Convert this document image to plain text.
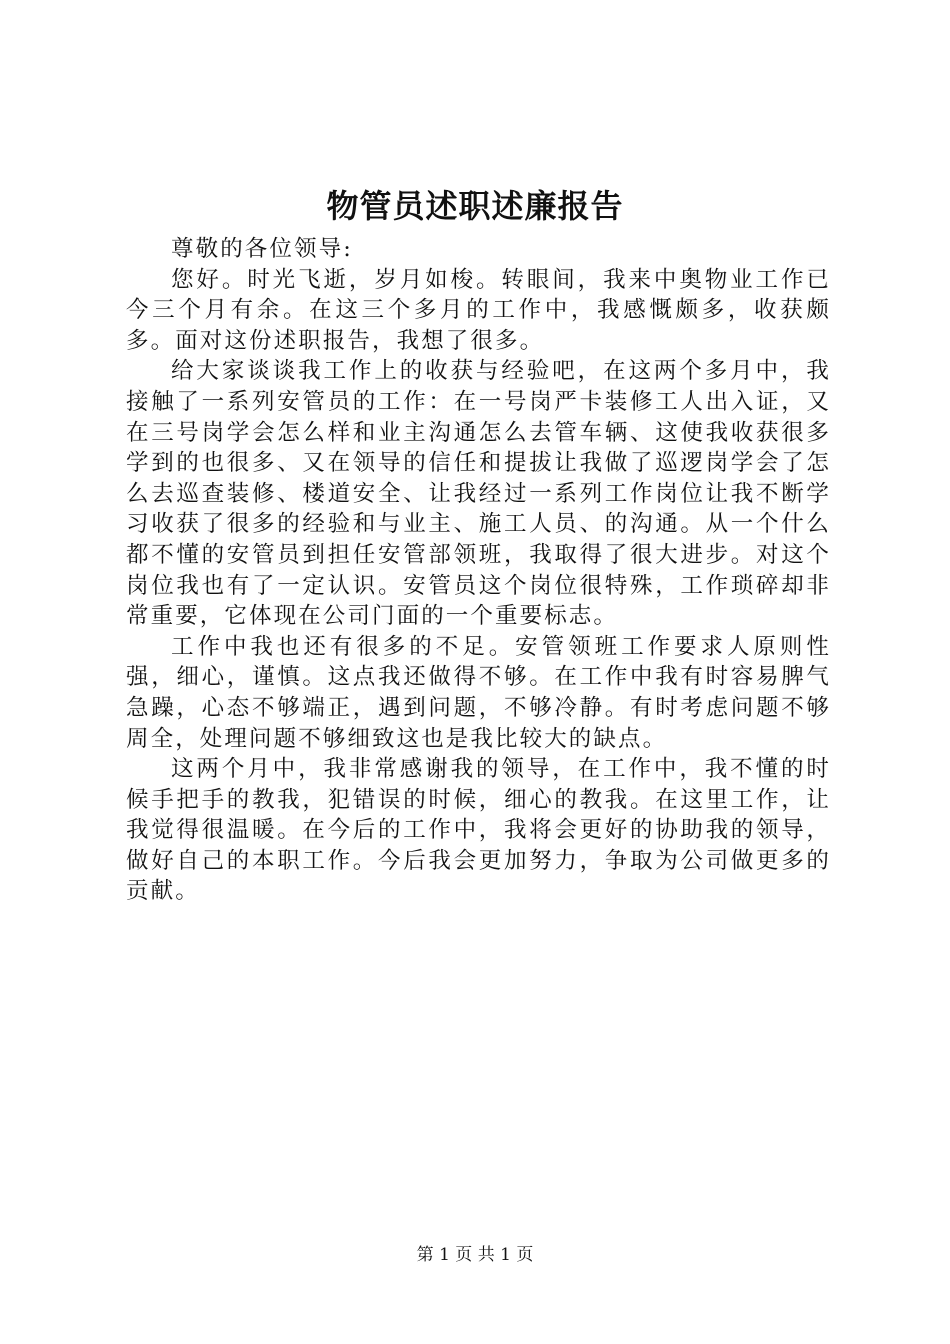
物管员述职述廉报告

尊敬的各位领导:

您好。时光飞逝，岁月如梭。转眼间，我来中奥物业工作已今三个月有余。在这三个多月的工作中，我感慨颇多，收获颇多。面对这份述职报告，我想了很多。

给大家谈谈我工作上的收获与经验吧，在这两个多月中，我接触了一系列安管员的工作：在一号岗严卡装修工人出入证，又在三号岗学会怎么样和业主沟通怎么去管车辆、这使我收获很多学到的也很多、又在领导的信任和提拔让我做了巡逻岗学会了怎么去巡查装修、楼道安全、让我经过一系列工作岗位让我不断学习收获了很多的经验和与业主、施工人员、的沟通。从一个什么都不懂的安管员到担任安管部领班，我取得了很大进步。对这个岗位我也有了一定认识。安管员这个岗位很特殊，工作琐碎却非常重要，它体现在公司门面的一个重要标志。

工作中我也还有很多的不足。安管领班工作要求人原则性强，细心，谨慎。这点我还做得不够。在工作中我有时容易脾气急躁，心态不够端正，遇到问题，不够冷静。有时考虑问题不够周全，处理问题不够细致这也是我比较大的缺点。

这两个月中，我非常感谢我的领导，在工作中，我不懂的时候手把手的教我，犯错误的时候，细心的教我。在这里工作，让我觉得很温暖。在今后的工作中，我将会更好的协助我的领导，做好自己的本职工作。今后我会更加努力，争取为公司做更多的贡献。

第 1 页 共 1 页
